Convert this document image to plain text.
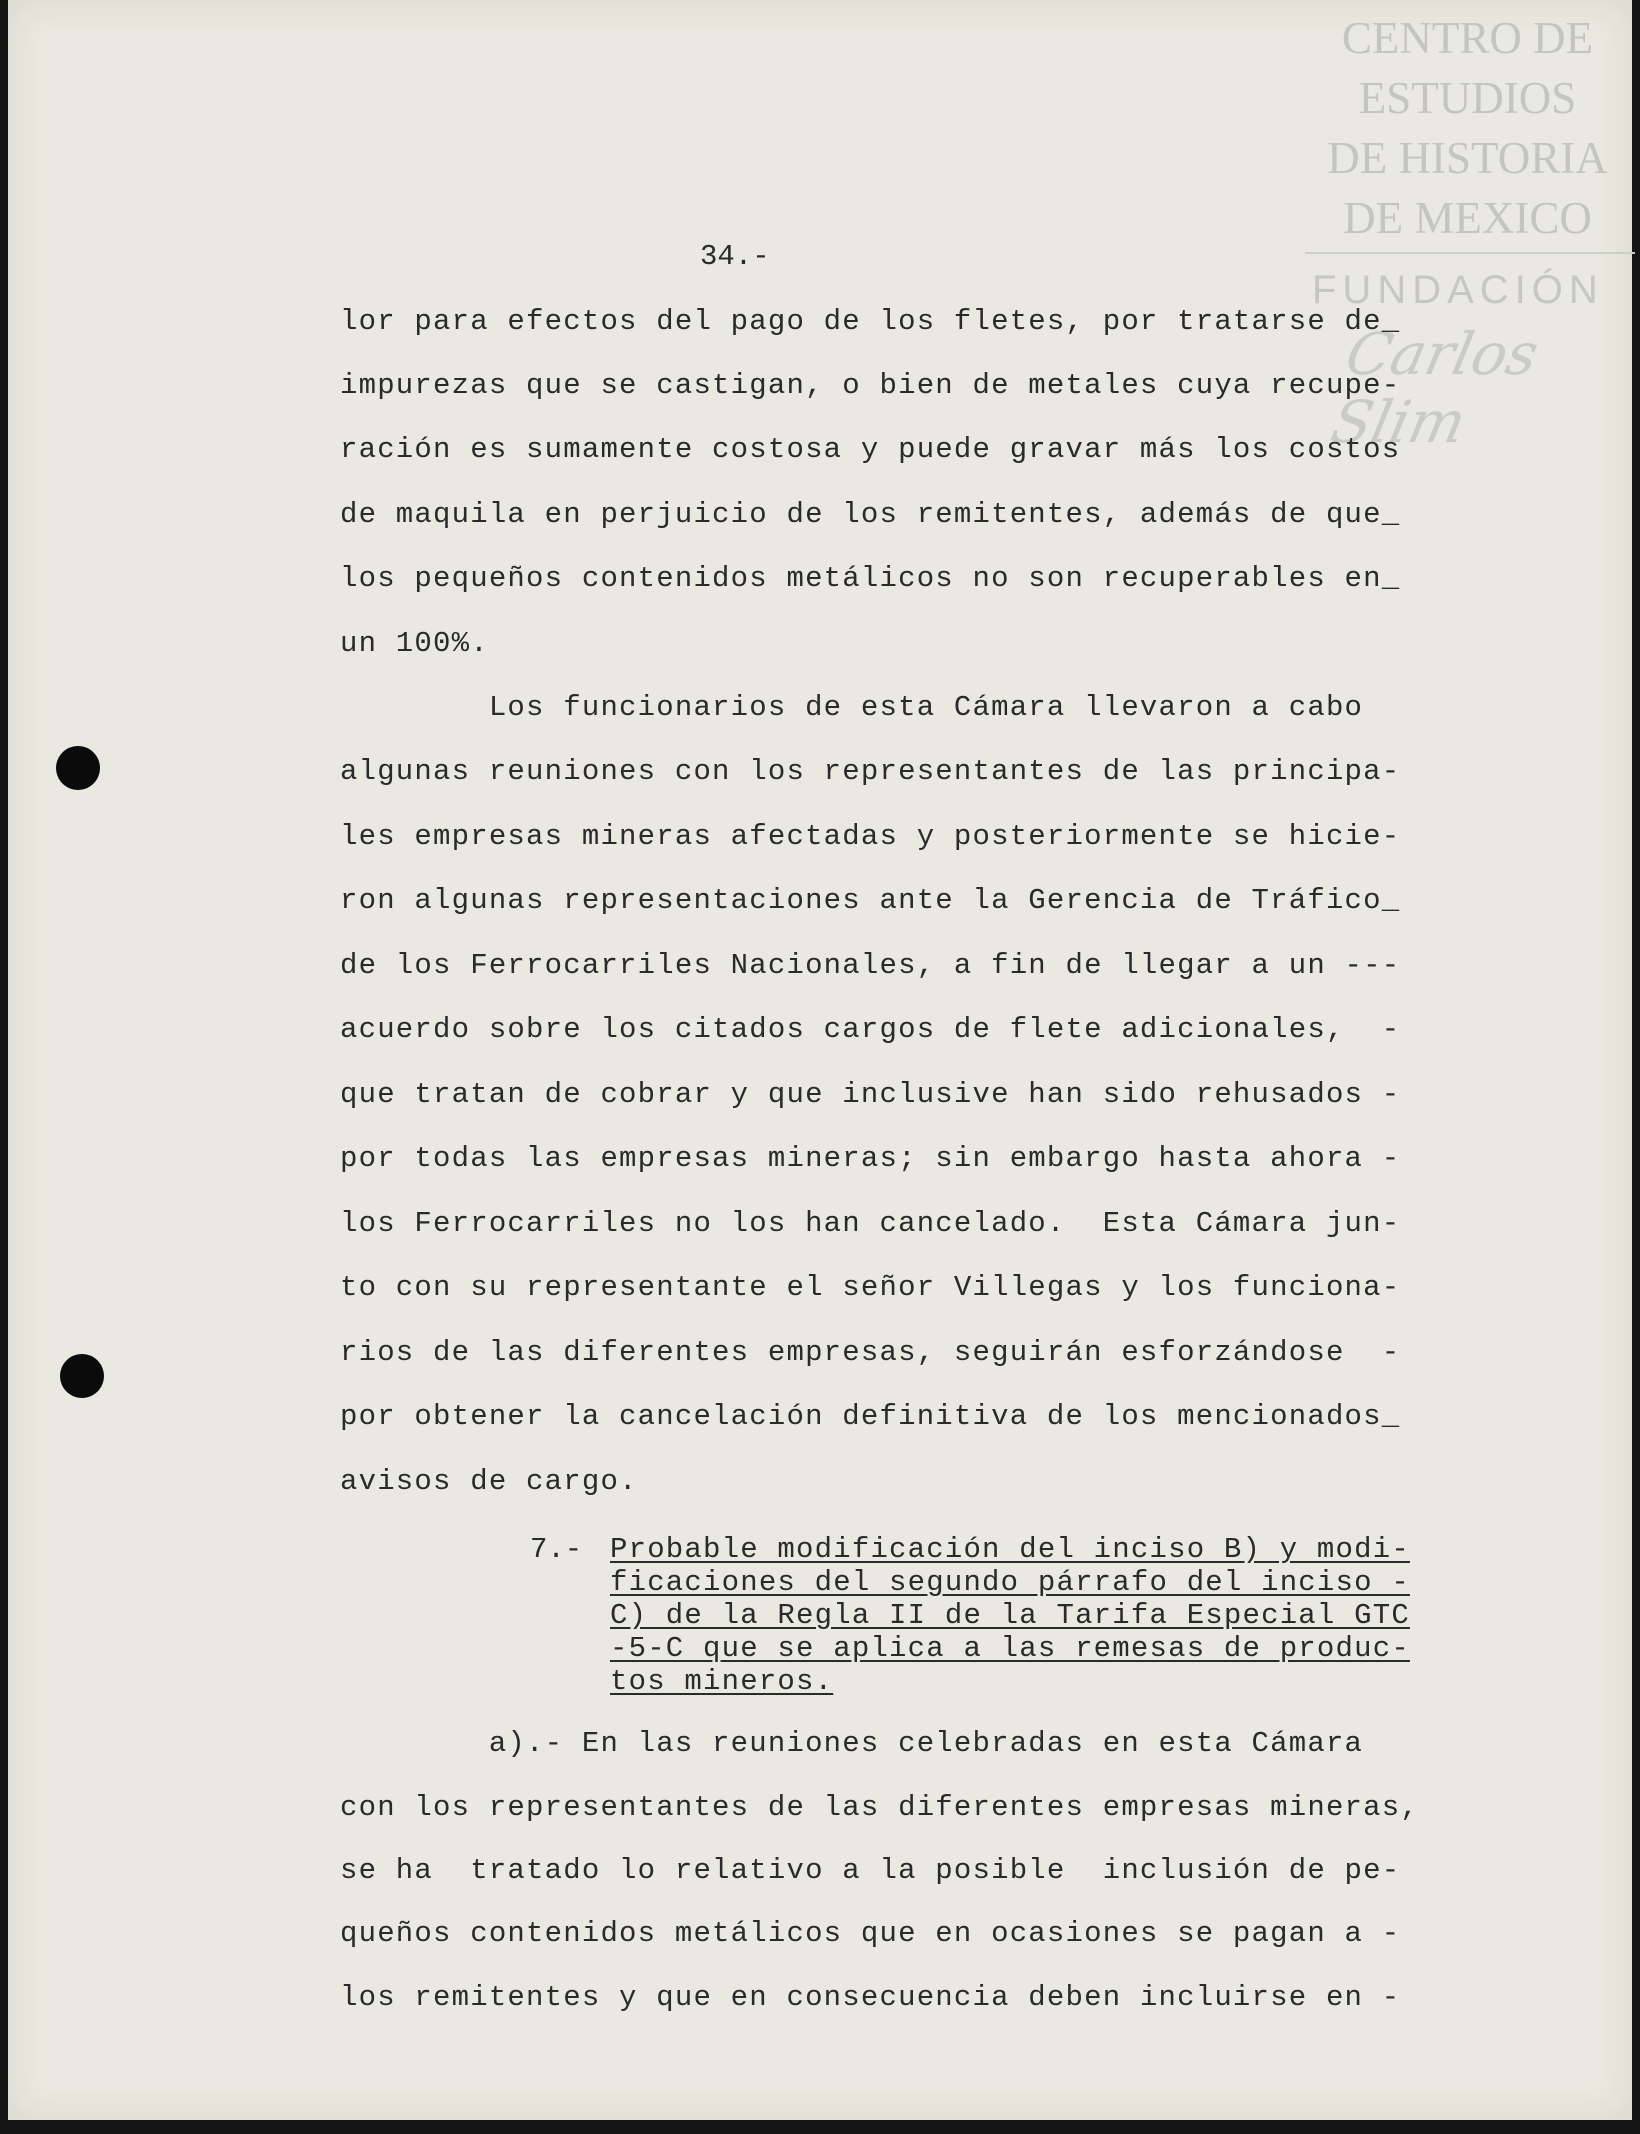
CENTRO DE
ESTUDIOS
DE HISTORIA
DE MEXICO
FUNDACIÓN
Carlos Slim
34.-
lor para efectos del pago de los fletes, por tratarse de_
impurezas que se castigan, o bien de metales cuya recupe-
ración es sumamente costosa y puede gravar más los costos
de maquila en perjuicio de los remitentes, además de que_
los pequeños contenidos metálicos no son recuperables en_
un 100%.
Los funcionarios de esta Cámara llevaron a cabo
algunas reuniones con los representantes de las principa-
les empresas mineras afectadas y posteriormente se hicie-
ron algunas representaciones ante la Gerencia de Tráfico_
de los Ferrocarriles Nacionales, a fin de llegar a un ---
acuerdo sobre los citados cargos de flete adicionales,  -
que tratan de cobrar y que inclusive han sido rehusados -
por todas las empresas mineras; sin embargo hasta ahora -
los Ferrocarriles no los han cancelado.  Esta Cámara jun-
to con su representante el señor Villegas y los funciona-
rios de las diferentes empresas, seguirán esforzándose  -
por obtener la cancelación definitiva de los mencionados_
avisos de cargo.
7.- Probable modificación del inciso B) y modi-
ficaciones del segundo párrafo del inciso -
C) de la Regla II de la Tarifa Especial GTC
-5-C que se aplica a las remesas de produc-
tos mineros.
a).- En las reuniones celebradas en esta Cámara
con los representantes de las diferentes empresas mineras,
se ha  tratado lo relativo a la posible  inclusión de pe-
queños contenidos metálicos que en ocasiones se pagan a -
los remitentes y que en consecuencia deben incluirse en -
